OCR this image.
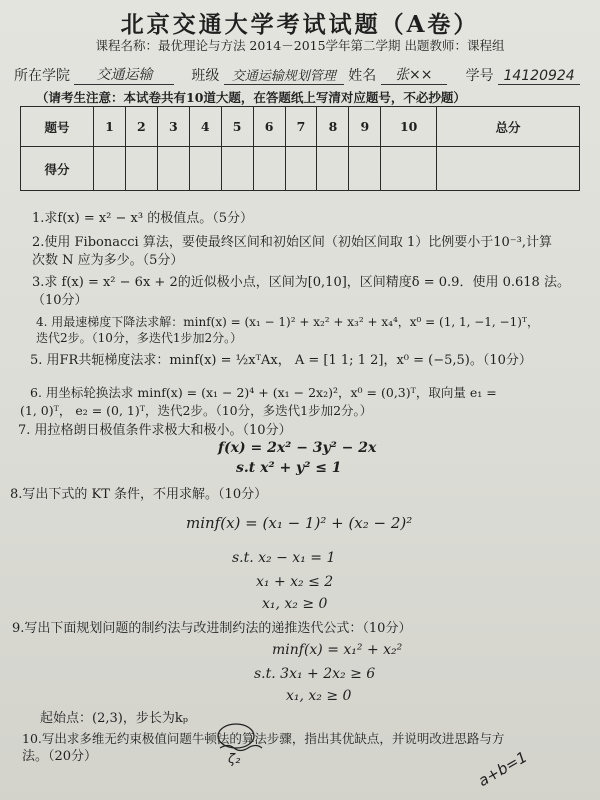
北京交通大学考试试题（A卷）
课程名称：最优理论与方法 2014－2015学年第二学期 出题教师：课程组
所在学院 交通运输	班级 交通运输规划管理 姓名 张×× 学号 14120924
（请考生注意：本试卷共有10道大题，在答题纸上写清对应题号，不必抄题）
题号	1	2	3	4	5	6	7	8	9	10	总分
得分											
1.求f(x) = x² − x³ 的极值点。（5分）
2.使用 Fibonacci 算法，要使最终区间和初始区间（初始区间取 1）比例要小于10⁻³,计算
次数 N 应为多少。（5分）
3.求 f(x) = x² − 6x + 2的近似极小点，区间为[0,10]，区间精度δ = 0.9．使用 0.618 法。
（10分）
4. 用最速梯度下降法求解：minf(x) = (x₁ − 1)² + x₂² + x₃² + x₄⁴，x⁰ = (1, 1, −1, −1)ᵀ，
迭代2步。（10分，多迭代1步加2分。）
5. 用FR共轭梯度法求：minf(x) = ½xᵀAx， A = [1 1; 1 2]，x⁰ = (−5,5)。（10分）
6. 用坐标轮换法求 minf(x) = (x₁ − 2)⁴ + (x₁ − 2x₂)²，x⁰ = (0,3)ᵀ，取向量 e₁ =
(1, 0)ᵀ， e₂ = (0, 1)ᵀ，迭代2步。（10分，多迭代1步加2分。）
7. 用拉格朗日极值条件求极大和极小。（10分）
f(x) = 2x² − 3y² − 2x
s.t x² + y² ≤ 1
8.写出下式的 KT 条件，不用求解。（10分）
minf(x) = (x₁ − 1)² + (x₂ − 2)²
s.t. x₂ − x₁ = 1
x₁ + x₂ ≤ 2
x₁, x₂ ≥ 0
9.写出下面规划问题的制约法与改进制约法的递推迭代公式：（10分）
minf(x) = x₁² + x₂²
s.t. 3x₁ + 2x₂ ≥ 6
x₁, x₂ ≥ 0
起始点：(2,3)，步长为kₚ
10.写出求多维无约束极值问题牛顿法的算法步骤，指出其优缺点，并说明改进思路与方
法。（20分）	ζ₂	a+b=1
